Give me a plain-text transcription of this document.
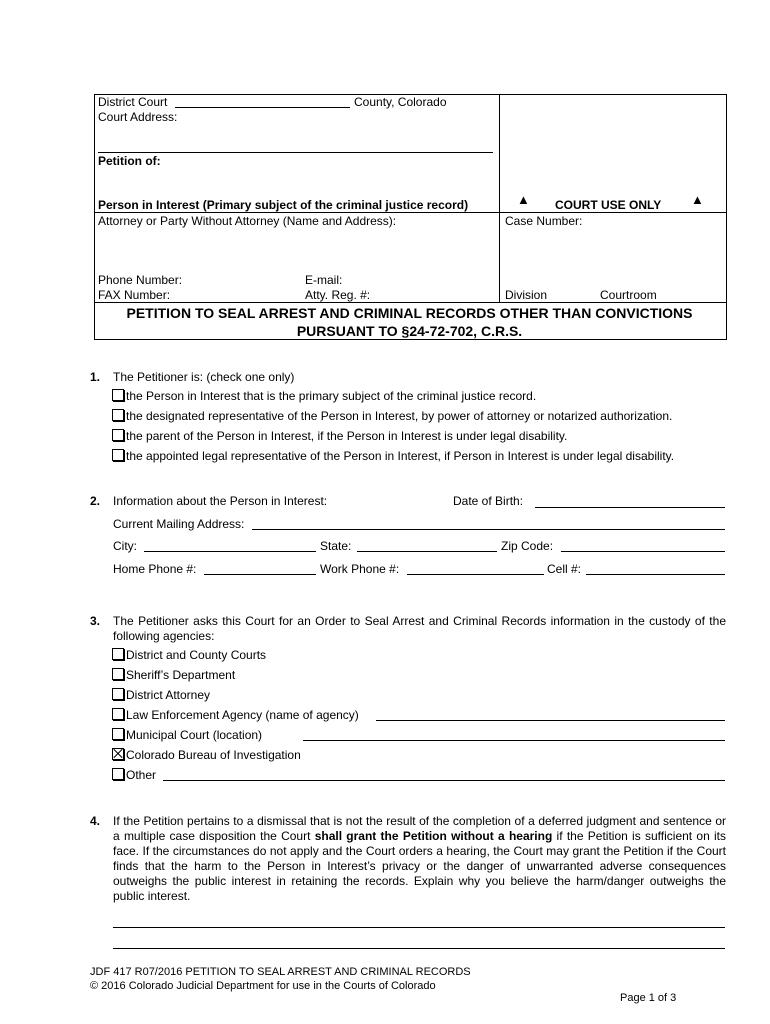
District Court	County, Colorado
Court Address:
Petition of:
Person in Interest (Primary subject of the criminal justice record)	▲ COURT USE ONLY ▲
Attorney or Party Without Attorney (Name and Address):	Case Number:
Phone Number:	E-mail:
FAX Number:	Atty. Reg. #:	Division	Courtroom
PETITION TO SEAL ARREST AND CRIMINAL RECORDS OTHER THAN CONVICTIONS
PURSUANT TO §24-72-702, C.R.S.
1. The Petitioner is: (check one only)
the Person in Interest that is the primary subject of the criminal justice record.
the designated representative of the Person in Interest, by power of attorney or notarized authorization.
the parent of the Person in Interest, if the Person in Interest is under legal disability.
the appointed legal representative of the Person in Interest, if Person in Interest is under legal disability.
2. Information about the Person in Interest:	Date of Birth:
Current Mailing Address:
City:	State:	Zip Code:
Home Phone #:	Work Phone #:	Cell #:
3. The Petitioner asks this Court for an Order to Seal Arrest and Criminal Records information in the custody of the following agencies:
District and County Courts
Sheriff’s Department
District Attorney
Law Enforcement Agency (name of agency)
Municipal Court (location)
Colorado Bureau of Investigation
Other
4. If the Petition pertains to a dismissal that is not the result of the completion of a deferred judgment and sentence or a multiple case disposition the Court shall grant the Petition without a hearing if the Petition is sufficient on its face. If the circumstances do not apply and the Court orders a hearing, the Court may grant the Petition if the Court finds that the harm to the Person in Interest’s privacy or the danger of unwarranted adverse consequences outweighs the public interest in retaining the records. Explain why you believe the harm/danger outweighs the public interest.
JDF 417 R07/2016 PETITION TO SEAL ARREST AND CRIMINAL RECORDS
© 2016 Colorado Judicial Department for use in the Courts of Colorado
Page 1 of 3
